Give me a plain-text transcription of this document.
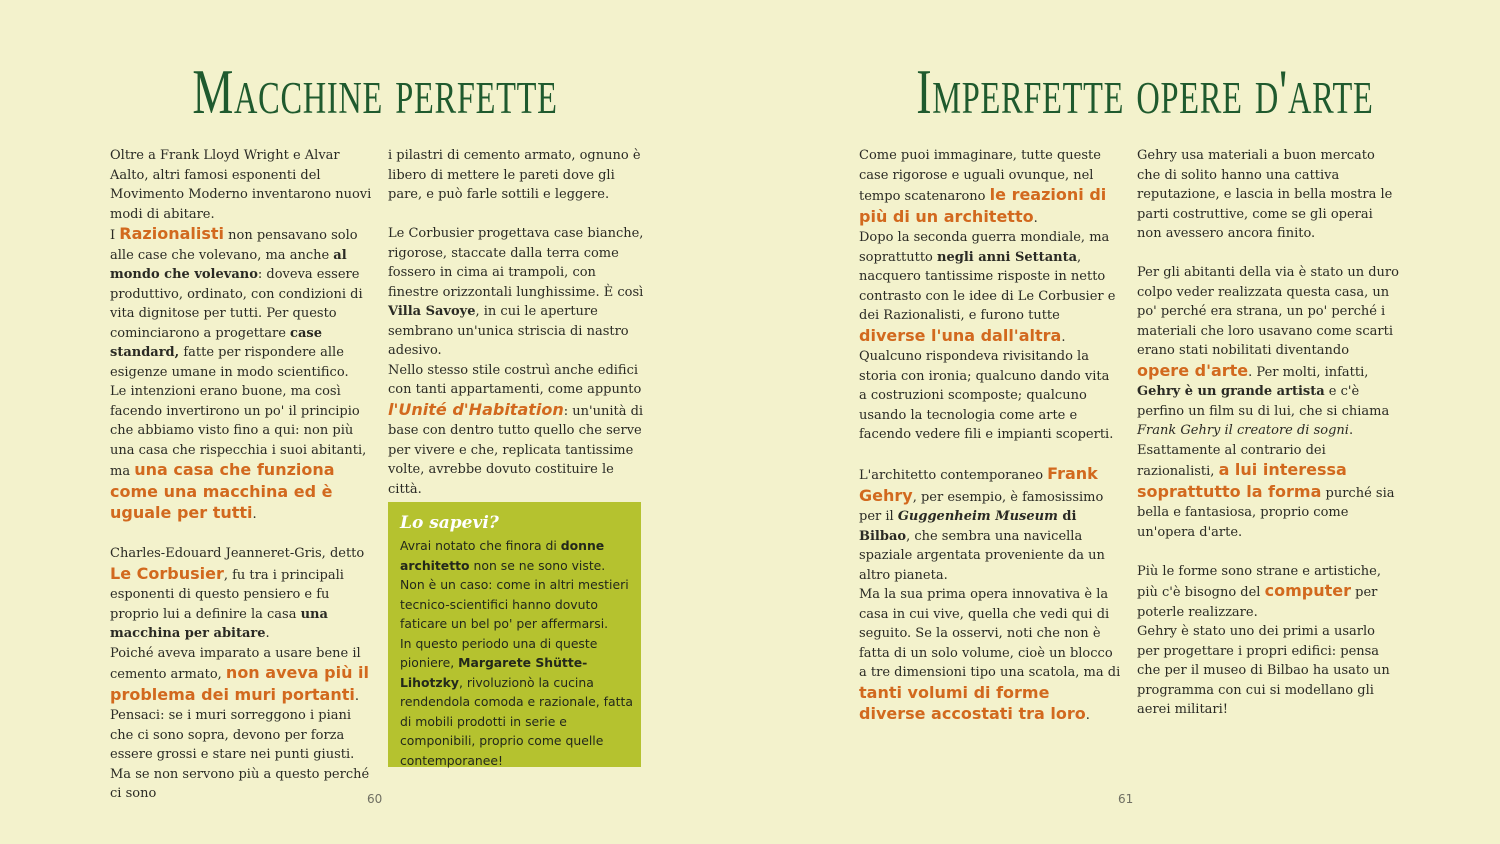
Macchine perfette	Imperfette opere d'arte

Oltre a Frank Lloyd Wright e Alvar Aalto, altri famosi esponenti del Movimento Moderno inventarono nuovi modi di abitare.

I Razionalisti non pensavano solo alle case che volevano, ma anche al mondo che volevano: doveva essere produttivo, ordinato, con condizioni di vita dignitose per tutti. Per questo cominciarono a progettare case standard, fatte per rispondere alle esigenze umane in modo scientifico.

Le intenzioni erano buone, ma così facendo invertirono un po' il principio che abbiamo visto fino a qui: non più una casa che rispecchia i suoi abitanti, ma una casa che funziona come una macchina ed è uguale per tutti.

Charles-Edouard Jeanneret-Gris, detto Le Corbusier, fu tra i principali esponenti di questo pensiero e fu proprio lui a definire la casa una macchina per abitare.

Poiché aveva imparato a usare bene il cemento armato, non aveva più il problema dei muri portanti.

Pensaci: se i muri sorreggono i piani che ci sono sopra, devono per forza essere grossi e stare nei punti giusti. Ma se non servono più a questo perché ci sono

i pilastri di cemento armato, ognuno è libero di mettere le pareti dove gli pare, e può farle sottili e leggere.

Le Corbusier progettava case bianche, rigorose, staccate dalla terra come fossero in cima ai trampoli, con finestre orizzontali lunghissime. È così Villa Savoye, in cui le aperture sembrano un'unica striscia di nastro adesivo.

Nello stesso stile costruì anche edifici con tanti appartamenti, come appunto l'Unité d'Habitation: un'unità di base con dentro tutto quello che serve per vivere e che, replicata tantissime volte, avrebbe dovuto costituire le città.

Lo sapevi?

Avrai notato che finora di donne architetto non se ne sono viste.

Non è un caso: come in altri mestieri tecnico-scientifici hanno dovuto faticare un bel po' per affermarsi.

In questo periodo una di queste pioniere, Margarete Shütte-Lihotzky, rivoluzionò la cucina rendendola comoda e razionale, fatta di mobili prodotti in serie e componibili, proprio come quelle contemporanee!

Come puoi immaginare, tutte queste case rigorose e uguali ovunque, nel tempo scatenarono le reazioni di più di un architetto.

Dopo la seconda guerra mondiale, ma soprattutto negli anni Settanta, nacquero tantissime risposte in netto contrasto con le idee di Le Corbusier e dei Razionalisti, e furono tutte diverse l'una dall'altra.

Qualcuno rispondeva rivisitando la storia con ironia; qualcuno dando vita a costruzioni scomposte; qualcuno usando la tecnologia come arte e facendo vedere fili e impianti scoperti.

L'architetto contemporaneo Frank Gehry, per esempio, è famosissimo per il Guggenheim Museum di Bilbao, che sembra una navicella spaziale argentata proveniente da un altro pianeta.

Ma la sua prima opera innovativa è la casa in cui vive, quella che vedi qui di seguito. Se la osservi, noti che non è fatta di un solo volume, cioè un blocco a tre dimensioni tipo una scatola, ma di tanti volumi di forme diverse accostati tra loro.

Gehry usa materiali a buon mercato che di solito hanno una cattiva reputazione, e lascia in bella mostra le parti costruttive, come se gli operai non avessero ancora finito.

Per gli abitanti della via è stato un duro colpo veder realizzata questa casa, un po' perché era strana, un po' perché i materiali che loro usavano come scarti erano stati nobilitati diventando opere d'arte. Per molti, infatti, Gehry è un grande artista e c'è perfino un film su di lui, che si chiama Frank Gehry il creatore di sogni.

Esattamente al contrario dei razionalisti, a lui interessa soprattutto la forma purché sia bella e fantasiosa, proprio come un'opera d'arte.

Più le forme sono strane e artistiche, più c'è bisogno del computer per poterle realizzare.

Gehry è stato uno dei primi a usarlo per progettare i propri edifici: pensa che per il museo di Bilbao ha usato un programma con cui si modellano gli aerei militari!

60	61
